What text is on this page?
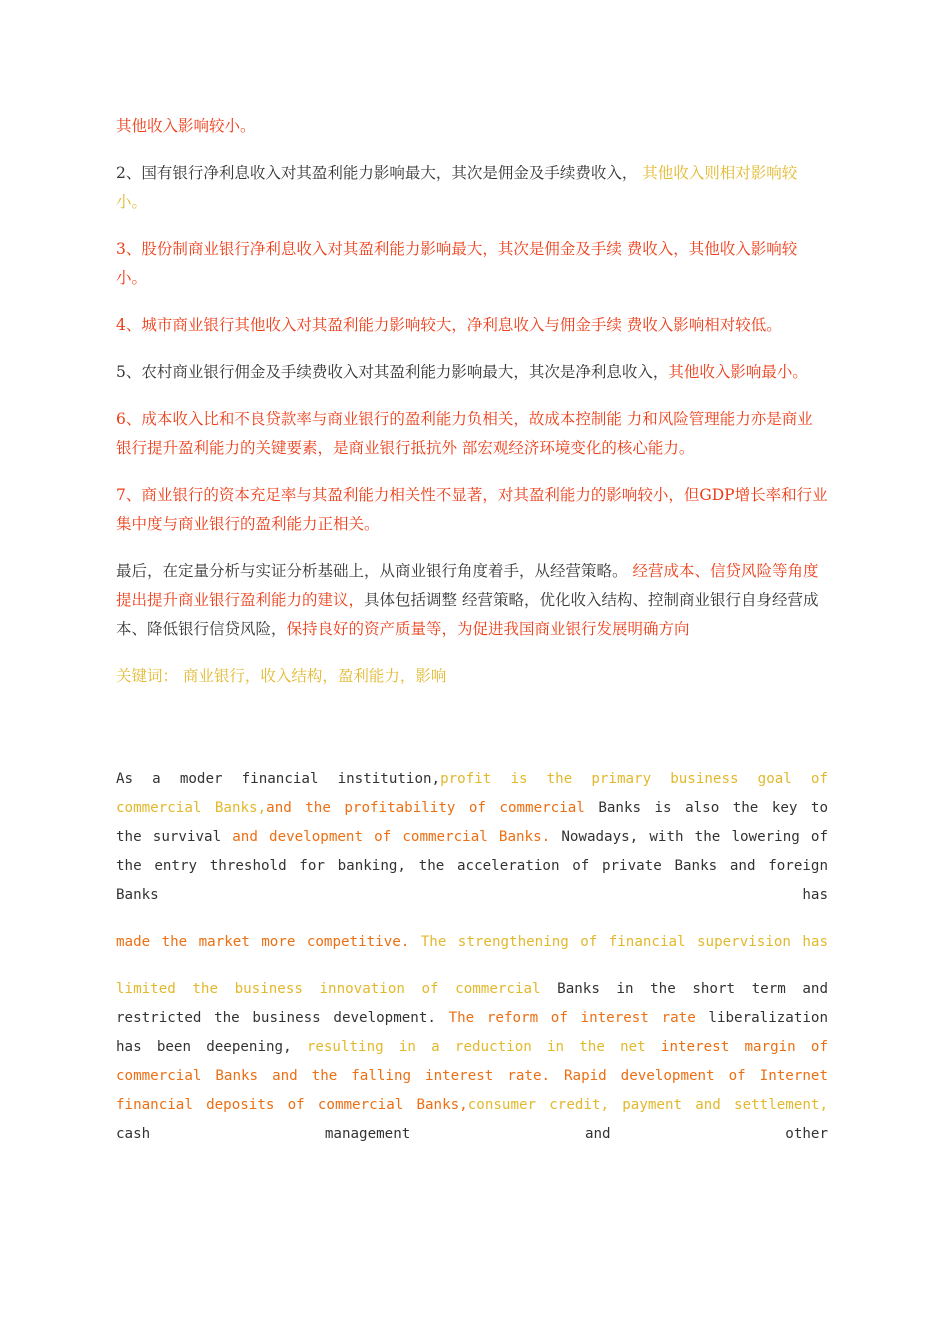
其他收入影响较小。

2、国有银行净利息收入对其盈利能力影响最大，其次是佣金及手续费收入， 其他收入则相对影响较小。

3、股份制商业银行净利息收入对其盈利能力影响最大，其次是佣金及手续 费收入，其他收入影响较小。

4、城市商业银行其他收入对其盈利能力影响较大，净利息收入与佣金手续 费收入影响相对较低。

5、农村商业银行佣金及手续费收入对其盈利能力影响最大，其次是净利息收入，其他收入影响最小。

6、成本收入比和不良贷款率与商业银行的盈利能力负相关，故成本控制能 力和风险管理能力亦是商业银行提升盈利能力的关键要素，是商业银行抵抗外 部宏观经济环境变化的核心能力。

7、商业银行的资本充足率与其盈利能力相关性不显著，对其盈利能力的影响较小，但GDP增长率和行业集中度与商业银行的盈利能力正相关。

最后，在定量分析与实证分析基础上，从商业银行角度着手，从经营策略。 经营成本、信贷风险等角度提出提升商业银行盈利能力的建议，具体包括调整 经营策略，优化收入结构、控制商业银行自身经营成本、降低银行信贷风险，保持良好的资产质量等，为促进我国商业银行发展明确方向

关键词： 商业银行，收入结构，盈利能力，影响

As a moder financial institution,profit is the primary business goal of commercial Banks,and the profitability of commercial Banks is also the key to the survival and development of commercial Banks. Nowadays, with the lowering of the entry threshold for banking, the acceleration of private Banks and foreign Banks has

made the market more competitive. The strengthening of financial supervision has

limited the business innovation of commercial Banks in the short term and restricted the business development. The reform of interest rate liberalization has been deepening, resulting in a reduction in the net interest margin of commercial Banks and the falling interest rate. Rapid development of Internet financial deposits of commercial Banks,consumer credit, payment and settlement, cash management and other
